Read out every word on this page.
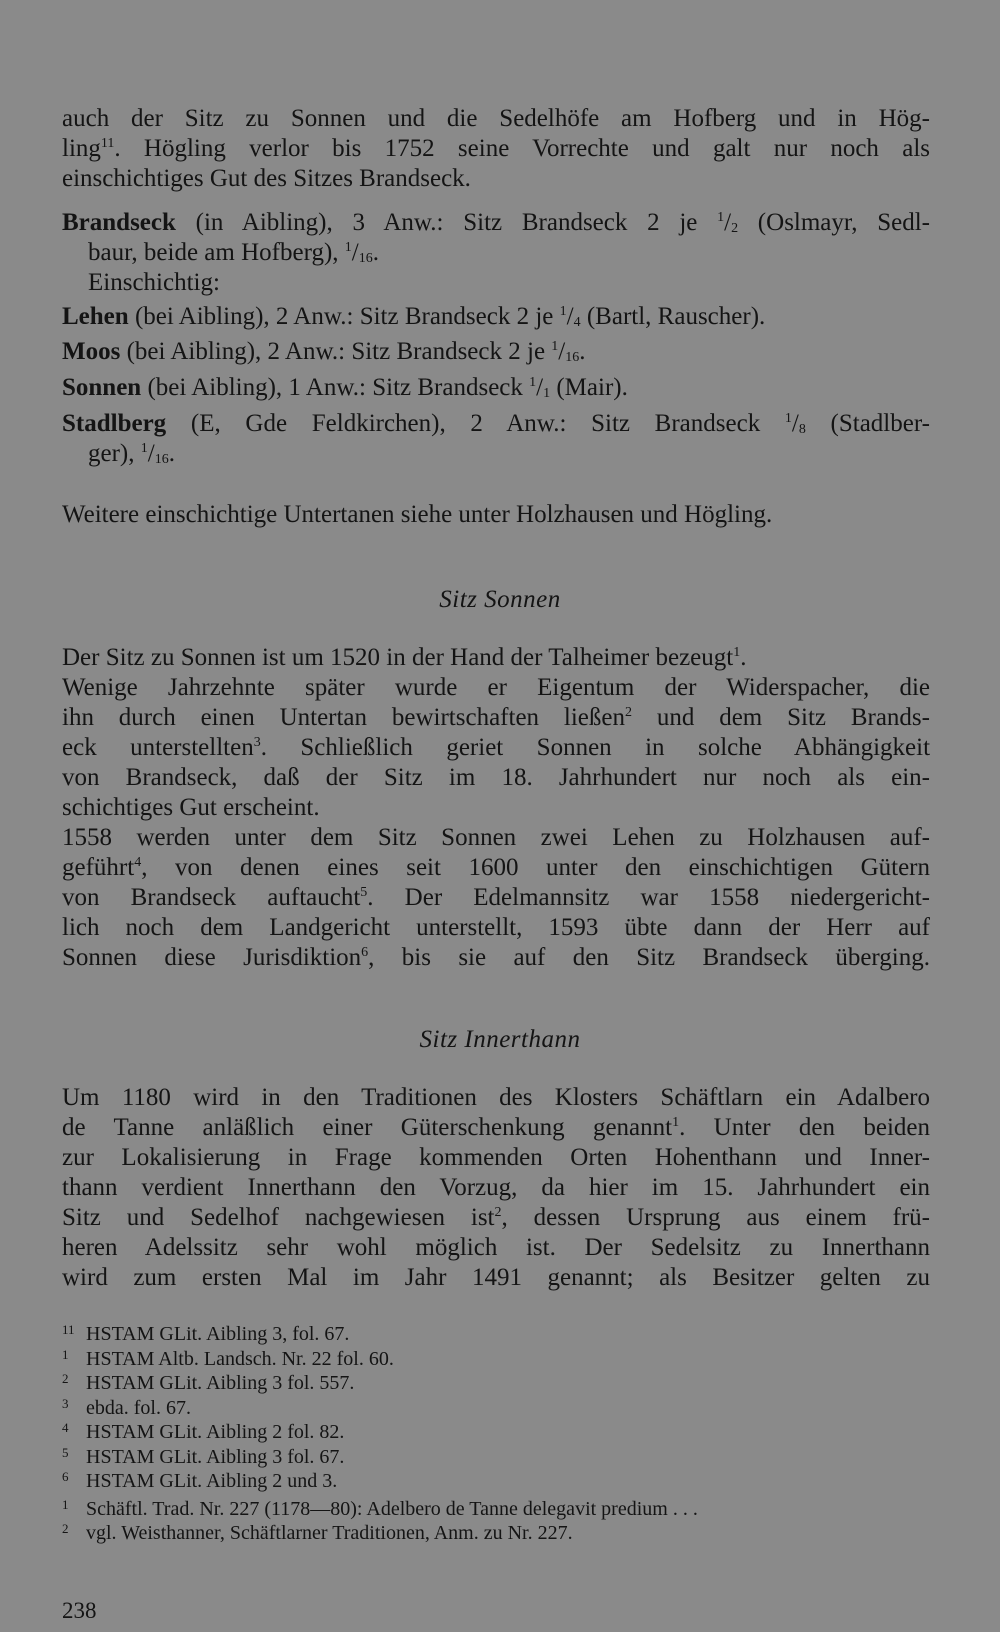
auch der Sitz zu Sonnen und die Sedelhöfe am Hofberg und in Hög-
ling$^{11}$. Högling verlor bis 1752 seine Vorrechte und galt nur noch als
einschichtiges Gut des Sitzes Brandseck.
Brandseck (in Aibling), 3 Anw.: Sitz Brandseck 2 je $^1/_2$ (Oslmayr, Sedl-
baur, beide am Hofberg), $^1/_{16}$.
Einschichtig:
Lehen (bei Aibling), 2 Anw.: Sitz Brandseck 2 je $^1/_4$ (Bartl, Rauscher).
Moos (bei Aibling), 2 Anw.: Sitz Brandseck 2 je $^1/_{16}$.
Sonnen (bei Aibling), 1 Anw.: Sitz Brandseck $^1/_1$ (Mair).
Stadlberg (E, Gde Feldkirchen), 2 Anw.: Sitz Brandseck $^1/_8$ (Stadlber-
ger), $^1/_{16}$.
Weitere einschichtige Untertanen siehe unter Holzhausen und Högling.
Sitz Sonnen
Der Sitz zu Sonnen ist um 1520 in der Hand der Talheimer bezeugt$^1$.
Wenige Jahrzehnte später wurde er Eigentum der Widerspacher, die
ihn durch einen Untertan bewirtschaften ließen$^2$ und dem Sitz Brands-
eck unterstellten$^3$. Schließlich geriet Sonnen in solche Abhängigkeit
von Brandseck, daß der Sitz im 18. Jahrhundert nur noch als ein-
schichtiges Gut erscheint.
1558 werden unter dem Sitz Sonnen zwei Lehen zu Holzhausen auf-
geführt$^4$, von denen eines seit 1600 unter den einschichtigen Gütern
von Brandseck auftaucht$^5$. Der Edelmannsitz war 1558 niedergericht-
lich noch dem Landgericht unterstellt, 1593 übte dann der Herr auf
Sonnen diese Jurisdiktion$^6$, bis sie auf den Sitz Brandseck überging.
Sitz Innerthann
Um 1180 wird in den Traditionen des Klosters Schäftlarn ein Adalbero
de Tanne anläßlich einer Güterschenkung genannt$^1$. Unter den beiden
zur Lokalisierung in Frage kommenden Orten Hohenthann und Inner-
thann verdient Innerthann den Vorzug, da hier im 15. Jahrhundert ein
Sitz und Sedelhof nachgewiesen ist$^2$, dessen Ursprung aus einem frü-
heren Adelssitz sehr wohl möglich ist. Der Sedelsitz zu Innerthann
wird zum ersten Mal im Jahr 1491 genannt; als Besitzer gelten zu
11 HSTAM GLit. Aibling 3, fol. 67.
1 HSTAM Altb. Landsch. Nr. 22 fol. 60.
2 HSTAM GLit. Aibling 3 fol. 557.
3 ebda. fol. 67.
4 HSTAM GLit. Aibling 2 fol. 82.
5 HSTAM GLit. Aibling 3 fol. 67.
6 HSTAM GLit. Aibling 2 und 3.
1 Schäftl. Trad. Nr. 227 (1178—80): Adelbero de Tanne delegavit predium . . .
2 vgl. Weisthanner, Schäftlarner Traditionen, Anm. zu Nr. 227.
238
